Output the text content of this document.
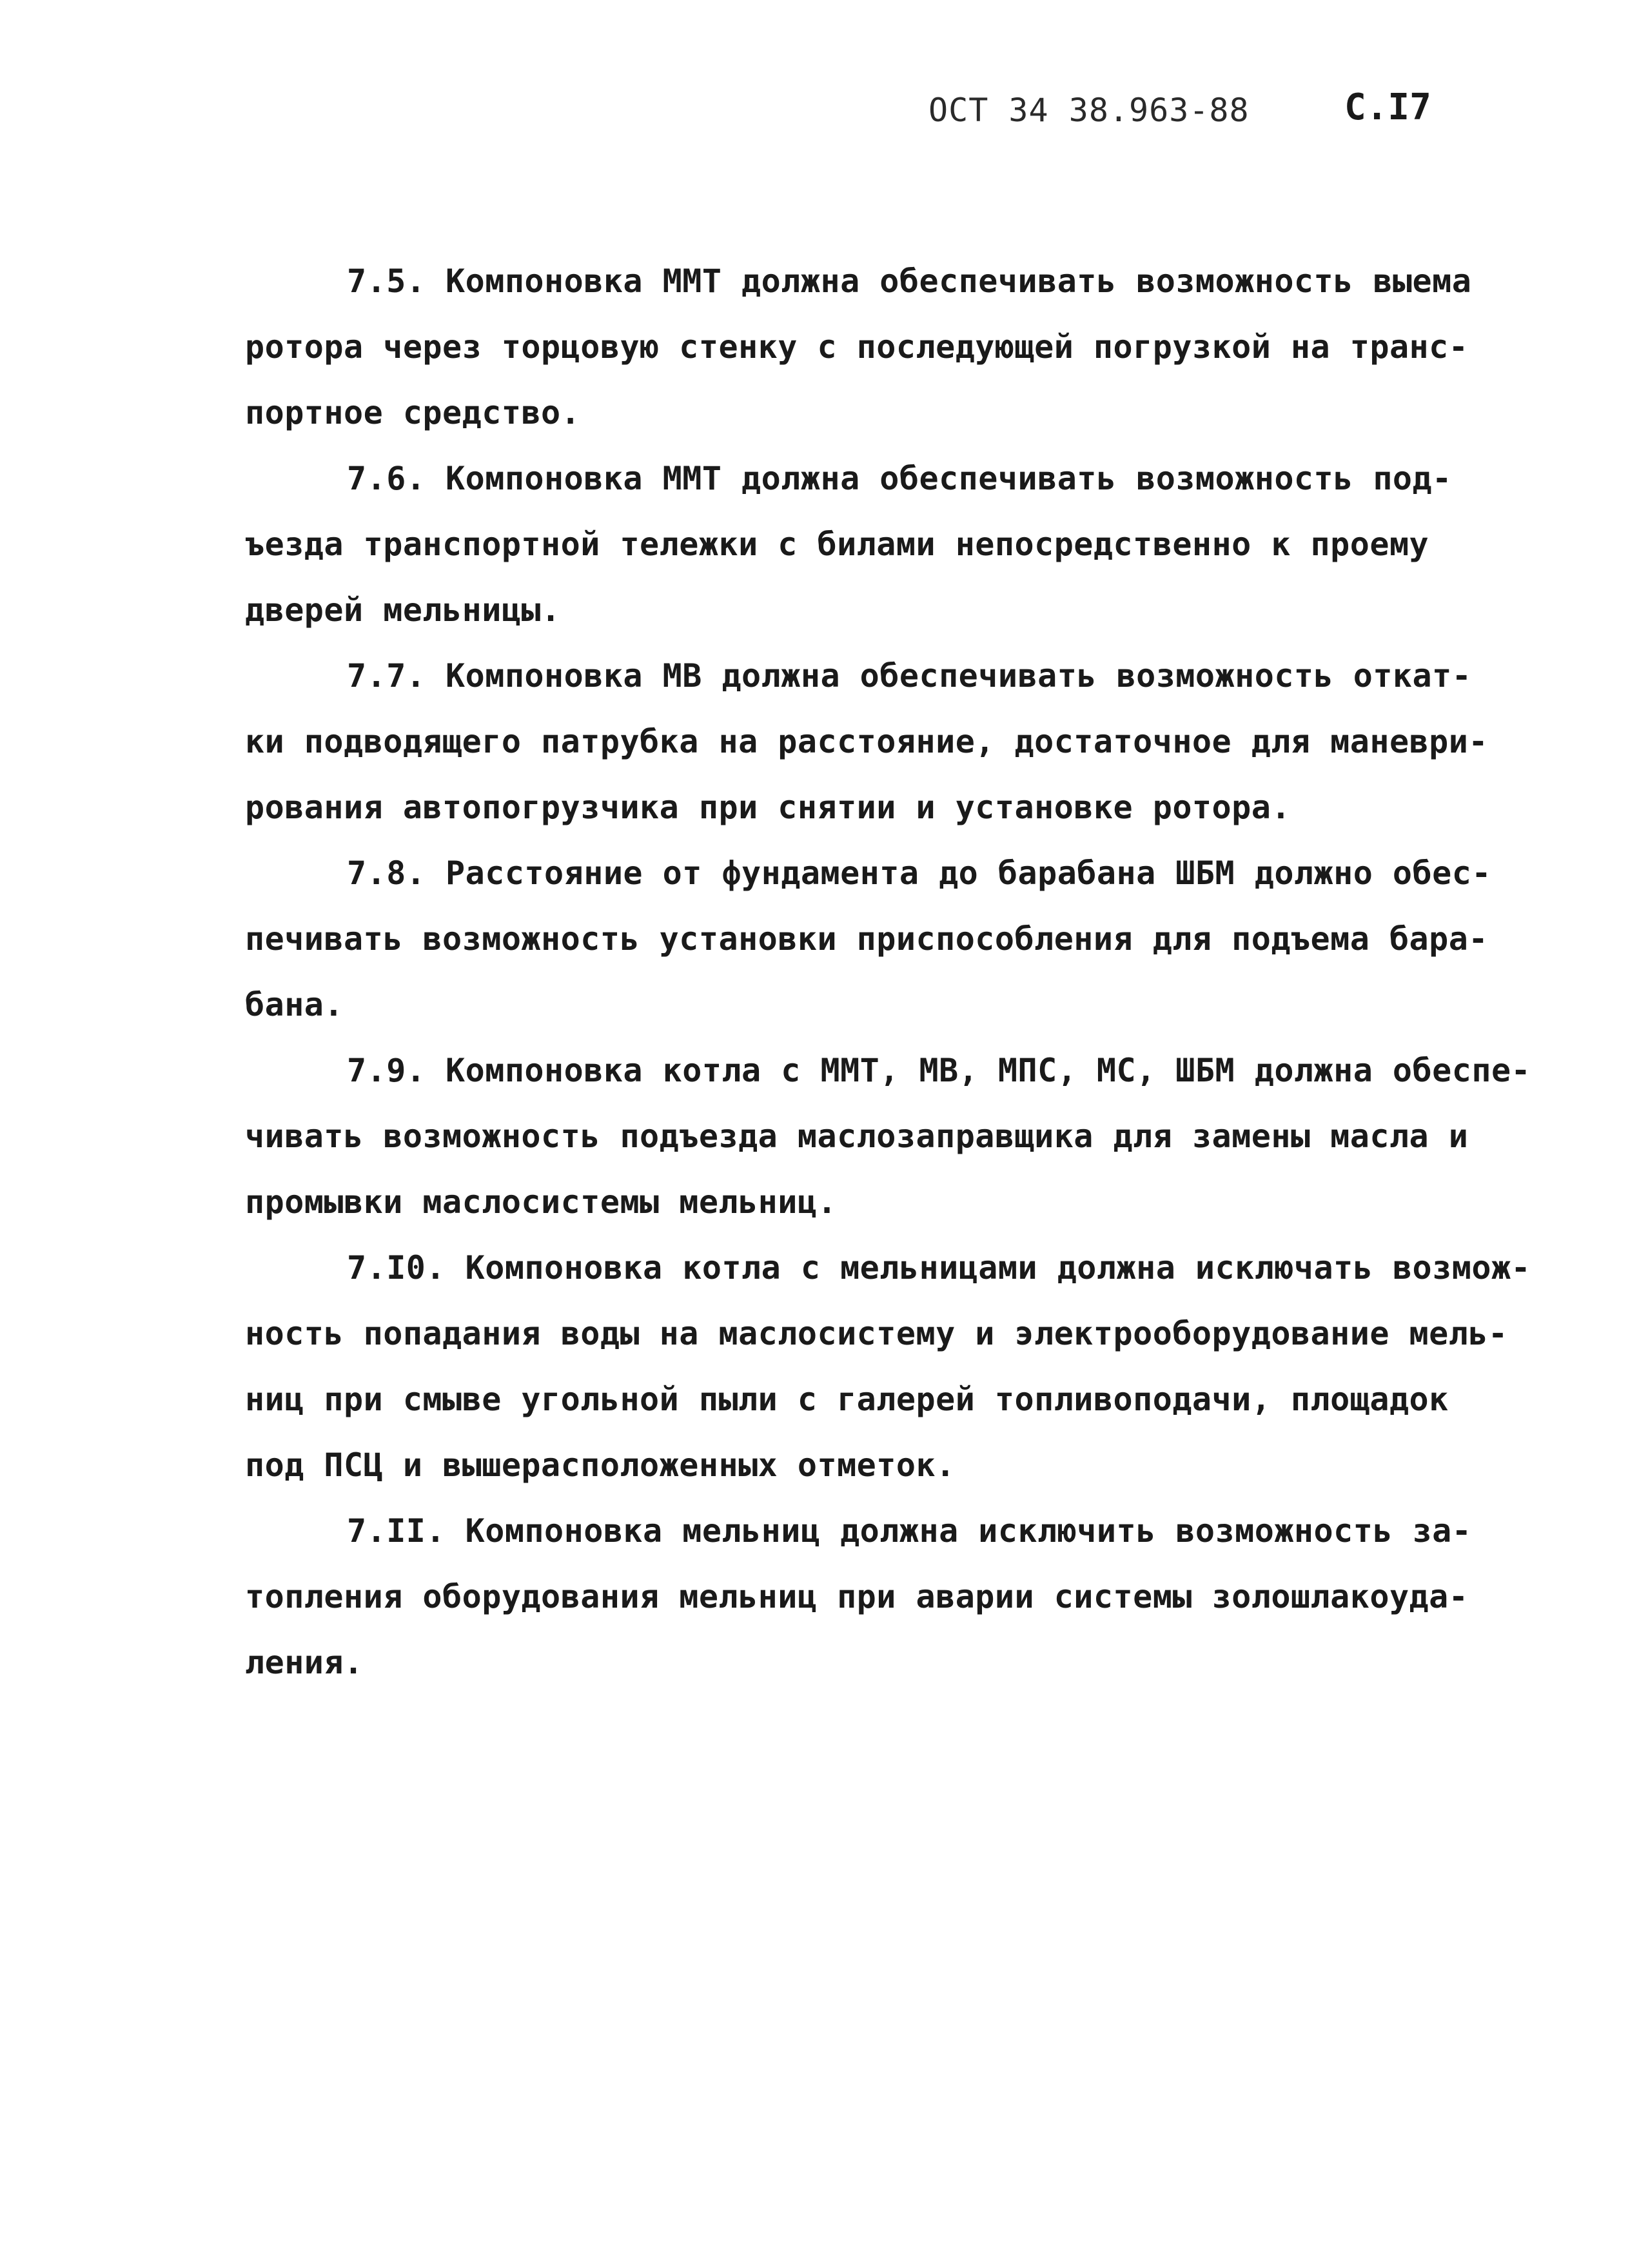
ОСТ 34 38.963-88	С.I7
7.5. Компоновка ММТ должна обеспечивать возможность выема
ротора через торцовую стенку с последующей погрузкой на транс-
портное средство.
7.6. Компоновка ММТ должна обеспечивать возможность под-
ъезда транспортной тележки с билами непосредственно к проему
дверей мельницы.
7.7. Компоновка МВ должна обеспечивать возможность откат-
ки подводящего патрубка на расстояние, достаточное для маневри-
рования автопогрузчика при снятии и установке ротора.
7.8. Расстояние от фундамента до барабана ШБМ должно обес-
печивать возможность установки приспособления для подъема бара-
бана.
7.9. Компоновка котла с ММТ, МВ, МПС, МС, ШБМ должна обеспе-
чивать возможность подъезда маслозаправщика для замены масла и
промывки маслосистемы мельниц.
7.I0. Компоновка котла с мельницами должна исключать возмож-
ность попадания воды на маслосистему и электрооборудование мель-
ниц при смыве угольной пыли с галерей топливоподачи, площадок
под ПСЦ и вышерасположенных отметок.
7.II. Компоновка мельниц должна исключить возможность за-
топления оборудования мельниц при аварии системы золошлакоуда-
ления.
